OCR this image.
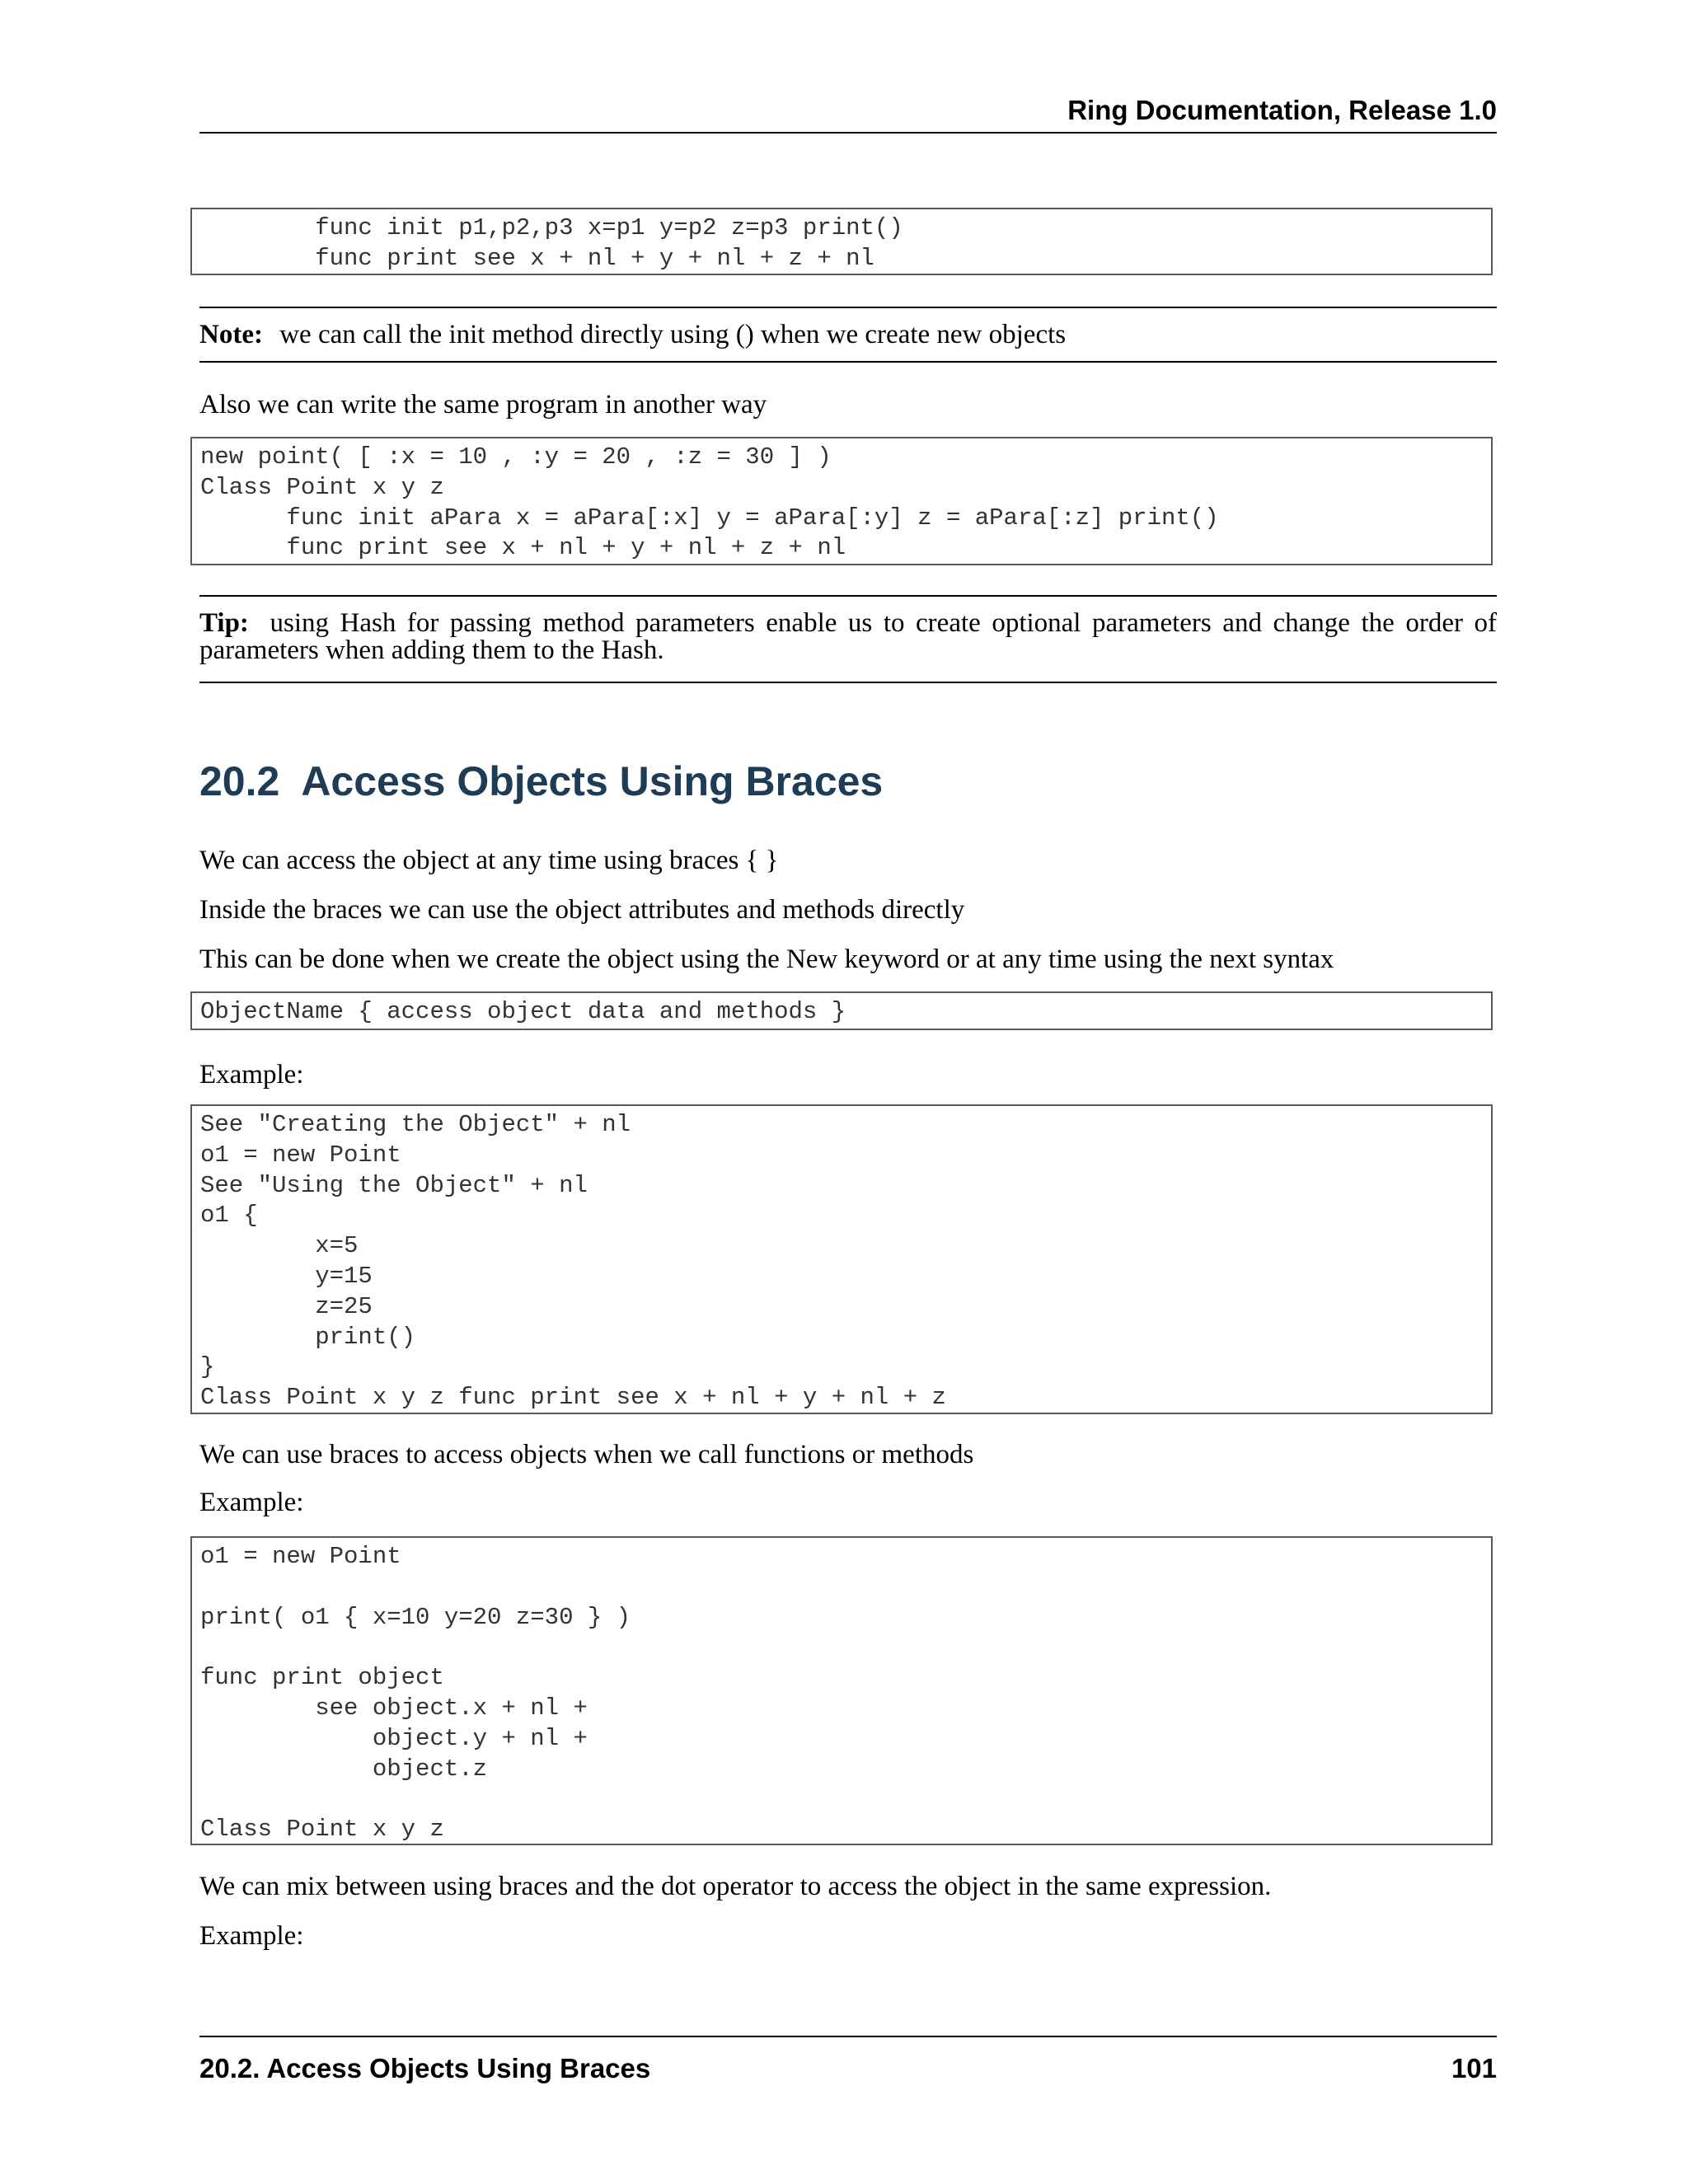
Ring Documentation, Release 1.0
func init p1,p2,p3 x=p1 y=p2 z=p3 print()
func print see x + nl + y + nl + z + nl
Note: we can call the init method directly using () when we create new objects

Also we can write the same program in another way

new point( [ :x = 10 , :y = 20 , :z = 30 ] )
Class Point x y z
func init aPara x = aPara[:x] y = aPara[:y] z = aPara[:z] print()
func print see x + nl + y + nl + z + nl
Tip: using Hash for passing method parameters enable us to create optional parameters and change the order of parameters when adding them to the Hash.
20.2 Access Objects Using Braces

We can access the object at any time using braces { }

Inside the braces we can use the object attributes and methods directly

This can be done when we create the object using the New keyword or at any time using the next syntax

ObjectName { access object data and methods }

Example:

See "Creating the Object" + nl
o1 = new Point
See "Using the Object" + nl
o1 {
x=5
y=15
z=25
print()
}
Class Point x y z func print see x + nl + y + nl + z

We can use braces to access objects when we call functions or methods

Example:

o1 = new Point

print( o1 { x=10 y=20 z=30 } )

func print object
see object.x + nl +
object.y + nl +
object.z

Class Point x y z

We can mix between using braces and the dot operator to access the object in the same expression.

Example:

20.2. Access Objects Using Braces	101
